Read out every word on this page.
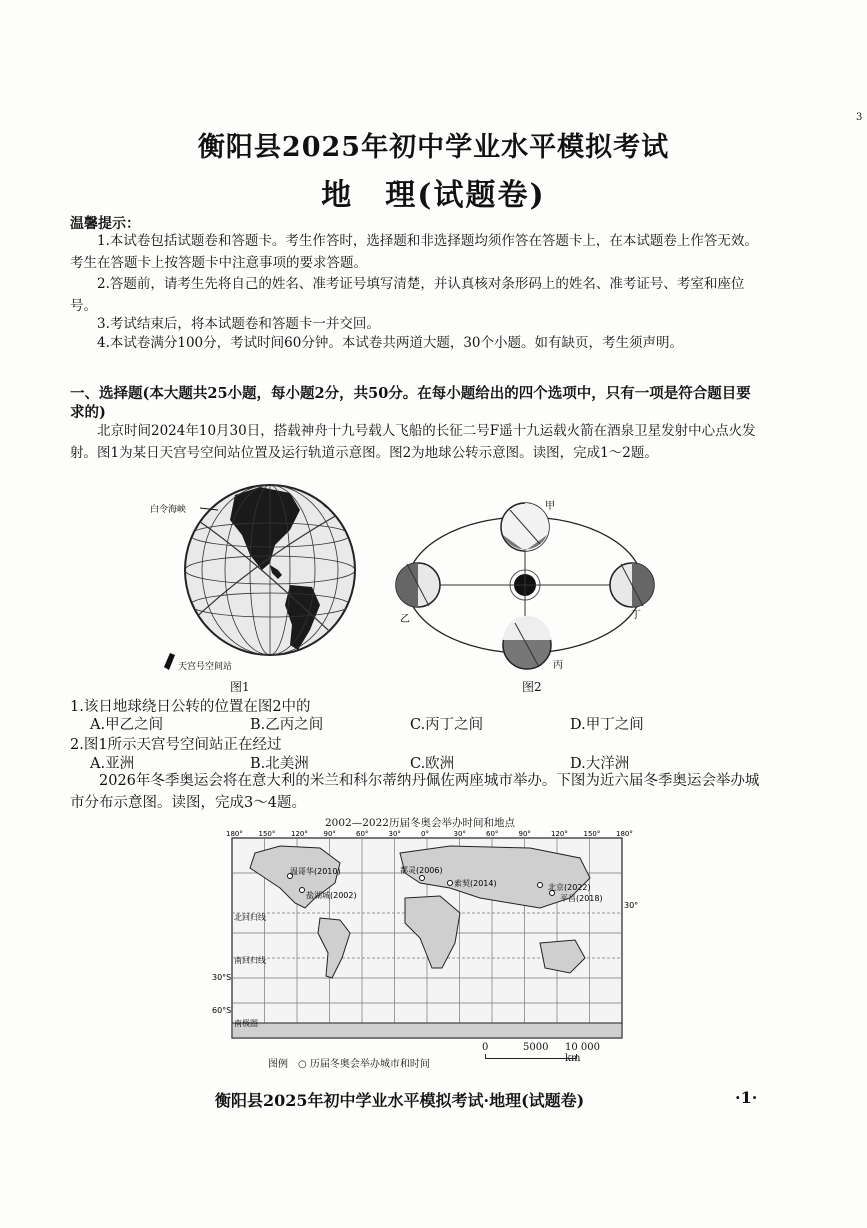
3
衡阳县2025年初中学业水平模拟考试
地　理(试题卷)
温馨提示：
1.本试卷包括试题卷和答题卡。考生作答时，选择题和非选择题均须作答在答题卡上，在本试题卷上作答无效。考生在答题卡上按答题卡中注意事项的要求答题。
2.答题前，请考生先将自己的姓名、准考证号填写清楚，并认真核对条形码上的姓名、准考证号、考室和座位号。
3.考试结束后，将本试题卷和答题卡一并交回。
4.本试卷满分100分，考试时间60分钟。本试卷共两道大题，30个小题。如有缺页，考生须声明。
一、选择题(本大题共25小题，每小题2分，共50分。在每小题给出的四个选项中，只有一项是符合题目要求的)
北京时间2024年10月30日，搭载神舟十九号载人飞船的长征二号F遥十九运载火箭在酒泉卫星发射中心点火发射。图1为某日天宫号空间站位置及运行轨道示意图。图2为地球公转示意图。读图，完成1～2题。
白令海峡
天宫号空间站
图1
甲
乙
丙
丁
图2
1.该日地球绕日公转的位置在图2中的
A.甲乙之间	B.乙丙之间	C.丙丁之间	D.甲丁之间
2.图1所示天宫号空间站正在经过
A.亚洲	B.北美洲	C.欧洲	D.大洋洲
2026年冬季奥运会将在意大利的米兰和科尔蒂纳丹佩佐两座城市举办。下图为近六届冬季奥运会举办城市分布示意图。读图，完成3～4题。
2002—2022历届冬奥会举办时间和地点
温哥华(2010)
盐湖城(2002)
都灵(2006)
索契(2014)	北京(2022)
平昌(2018)
北回归线
南回归线
南极圈
30°S
60°S
30°
180° 150° 120° 90°	60°	30°	0°	30°	60°	90°	120° 150° 180°
图例　○ 历届冬奥会举办城市和时间
0	5000 10 000 km
衡阳县2025年初中学业水平模拟考试·地理(试题卷)	·1·
